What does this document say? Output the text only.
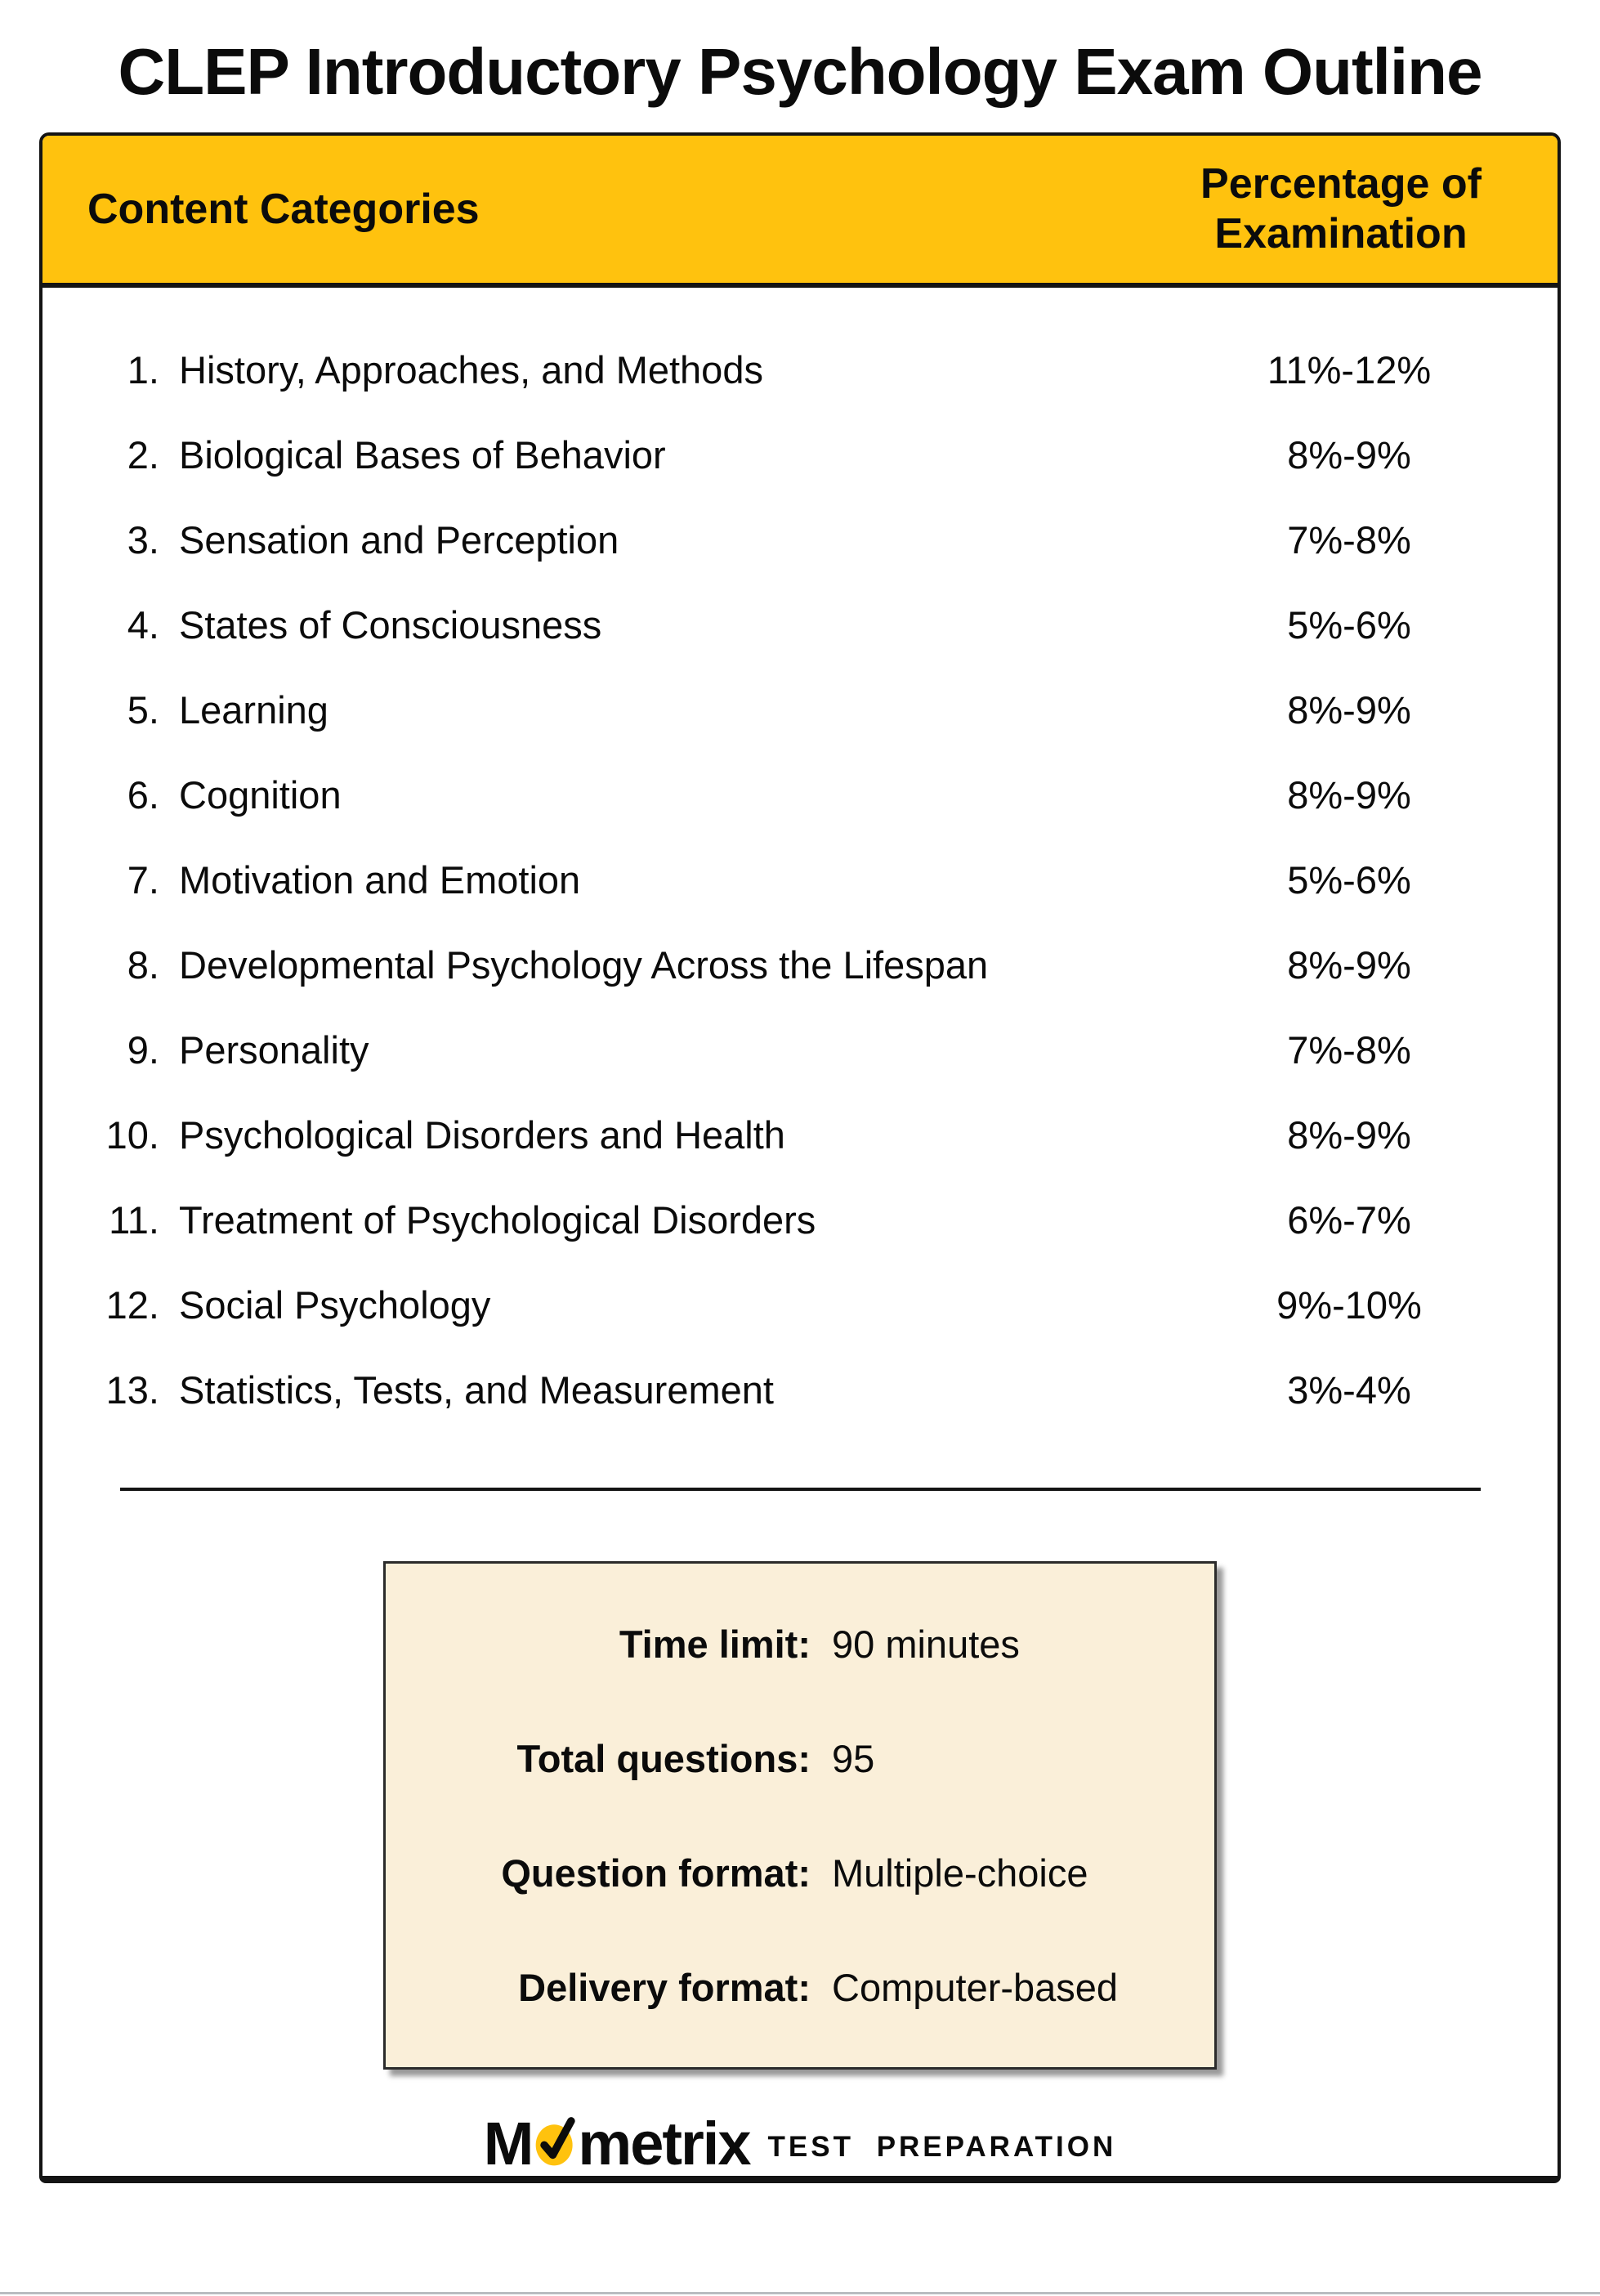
CLEP Introductory Psychology Exam Outline
Content Categories
Percentage of Examination
1. History, Approaches, and Methods	11%-12%
2. Biological Bases of Behavior	8%-9%
3. Sensation and Perception	7%-8%
4. States of Consciousness	5%-6%
5. Learning	8%-9%
6. Cognition	8%-9%
7. Motivation and Emotion	5%-6%
8. Developmental Psychology Across the Lifespan	8%-9%
9. Personality	7%-8%
10. Psychological Disorders and Health	8%-9%
11. Treatment of Psychological Disorders	6%-7%
12. Social Psychology	9%-10%
13. Statistics, Tests, and Measurement	3%-4%
Time limit: 90 minutes
Total questions: 95
Question format: Multiple-choice
Delivery format: Computer-based
M metrix TEST PREPARATION
